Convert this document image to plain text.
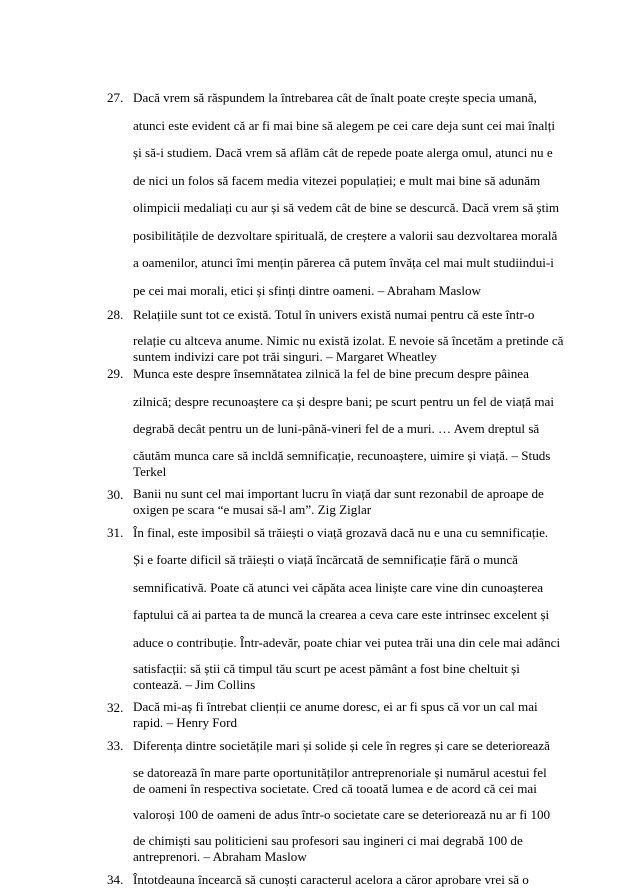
27. Dacă vrem să răspundem la întrebarea cât de înalt poate crește specia umană,
atunci este evident că ar fi mai bine să alegem pe cei care deja sunt cei mai înalți
și să-i studiem. Dacă vrem să aflăm cât de repede poate alerga omul, atunci nu e
de nici un folos să facem media vitezei populației; e mult mai bine să adunăm
olimpicii medaliați cu aur și să vedem cât de bine se descurcă. Dacă vrem să știm
posibilitățile de dezvoltare spirituală, de creștere a valorii sau dezvoltarea morală
a oamenilor, atunci îmi mențin părerea că putem învăța cel mai mult studiindui-i
pe cei mai morali, etici și sfinți dintre oameni. – Abraham Maslow
28. Relațiile sunt tot ce există. Totul în univers există numai pentru că este într-o
relație cu altceva anume. Nimic nu există izolat. E nevoie să încetăm a pretinde că
suntem indivizi care pot trăi singuri. – Margaret Wheatley
29. Munca este despre însemnătatea zilnică la fel de bine precum despre pâinea
zilnică; despre recunoaștere ca și despre bani; pe scurt pentru un fel de viață mai
degrabă decât pentru un de luni-până-vineri fel de a muri. … Avem dreptul să
căutăm munca care să incldă semnificație, recunoaștere, uimire și viață. – Studs
Terkel
30. Banii nu sunt cel mai important lucru în viață dar sunt rezonabil de aproape de
oxigen pe scara “e musai să-l am”. Zig Ziglar
31. În final, este imposibil să trăiești o viață grozavă dacă nu e una cu semnificație.
Și e foarte dificil să trăiești o viață încărcată de semnificație fără o muncă
semnificativă. Poate că atunci vei căpăta acea liniște care vine din cunoașterea
faptului că ai partea ta de muncă la crearea a ceva care este intrinsec excelent și
aduce o contribuție. Într-adevăr, poate chiar vei putea trăi una din cele mai adânci
satisfacții: să știi că timpul tău scurt pe acest pământ a fost bine cheltuit și
contează. – Jim Collins
32. Dacă mi-aș fi întrebat clienții ce anume doresc, ei ar fi spus că vor un cal mai
rapid. – Henry Ford
33. Diferența dintre societățile mari și solide și cele în regres și care se deteriorează
se datorează în mare parte oportunităților antreprenoriale și numărul acestui fel
de oameni în respectiva societate. Cred că tooată lumea e de acord că cei mai
valoroși 100 de oameni de adus într-o societate care se deteriorează nu ar fi 100
de chimiști sau politicieni sau profesori sau ingineri ci mai degrabă 100 de
antreprenori. – Abraham Maslow
34. Întotdeauna încearcă să cunoști caracterul acelora a căror aprobare vrei să o
